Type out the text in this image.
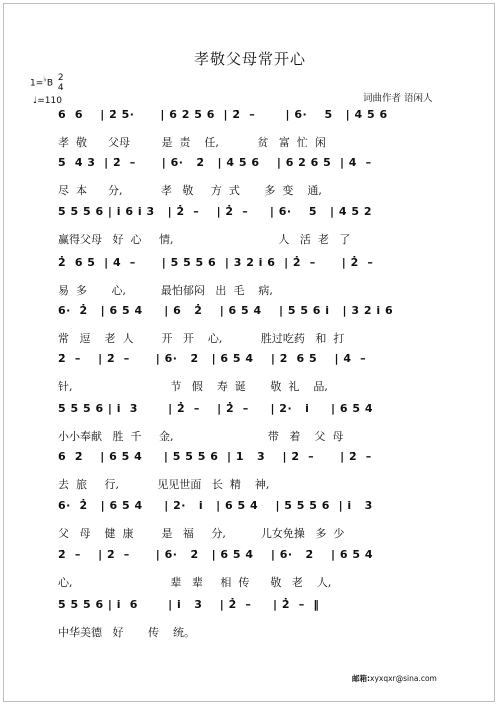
孝敬父母常开心
1=♭B 2
4
♩=110	词曲作者 语闲人
6  6    | 2̇ 5·      | 6 2 5 6  | 2̇  –       | 6·    5   | 4 5 6
孝  敬      父母         是  责    任,           贫   富  忙  闲
5  4 3  | 2̇  –      | 6·   2̇   | 4 5 6    | 6 2 6 5  | 4  –
尽  本      分,           孝   敬     方  式       多  变    通,
5 5 5 6 | i 6 i 3   | 2̇  –    | 2̇  –     | 6·    5   | 4 5 2
赢得父母   好  心     情,                              人   活  老   了
2̇  6 5  | 4  –      | 5 5 5 6  | 3 2 i 6  | 2̇  –      | 2̇  –
易  多       心,          最怕郁闷   出  毛    病,
6·  2̇   | 6 5 4     | 6   2̇    | 6 5 4    | 5 5 6 i   | 3 2 i 6
常   逗    老  人        开   开    心,           胜过吃药   和  打
2̇  –    | 2̇  –      | 6·   2̇   | 6 5 4    | 2̇  6 5    | 4  –
针,                            节   假    寿  诞       敬  礼    品,
5 5 5 6 | i  3       | 2̇  –    | 2̇  –     | 2·   i     | 6 5 4
小小奉献   胜  千     金,                           带   着    父  母
6  2̇    | 6 5 4     | 5 5 5 6  | 1   3    | 2̇  –      | 2̇  –
去  旅     行,           见见世面   长  精    神,
6·  2̇   | 6 5 4     | 2·   i   | 6 5 4    | 5 5 5 6  | i   3
父   母    健  康        是   福     分,          儿女免操   多  少
2̇  –    | 2̇  –      | 6·   2̇   | 6 5 4    | 6·   2̇    | 6 5 4
心,                            辈   辈     相  传      敬   老    人,
5 5 5 6 | i  6       | i   3    | 2̇  –     | 2̇  –  ‖
中华美德   好       传    统。
邮箱:xyxqxr@sina.com
